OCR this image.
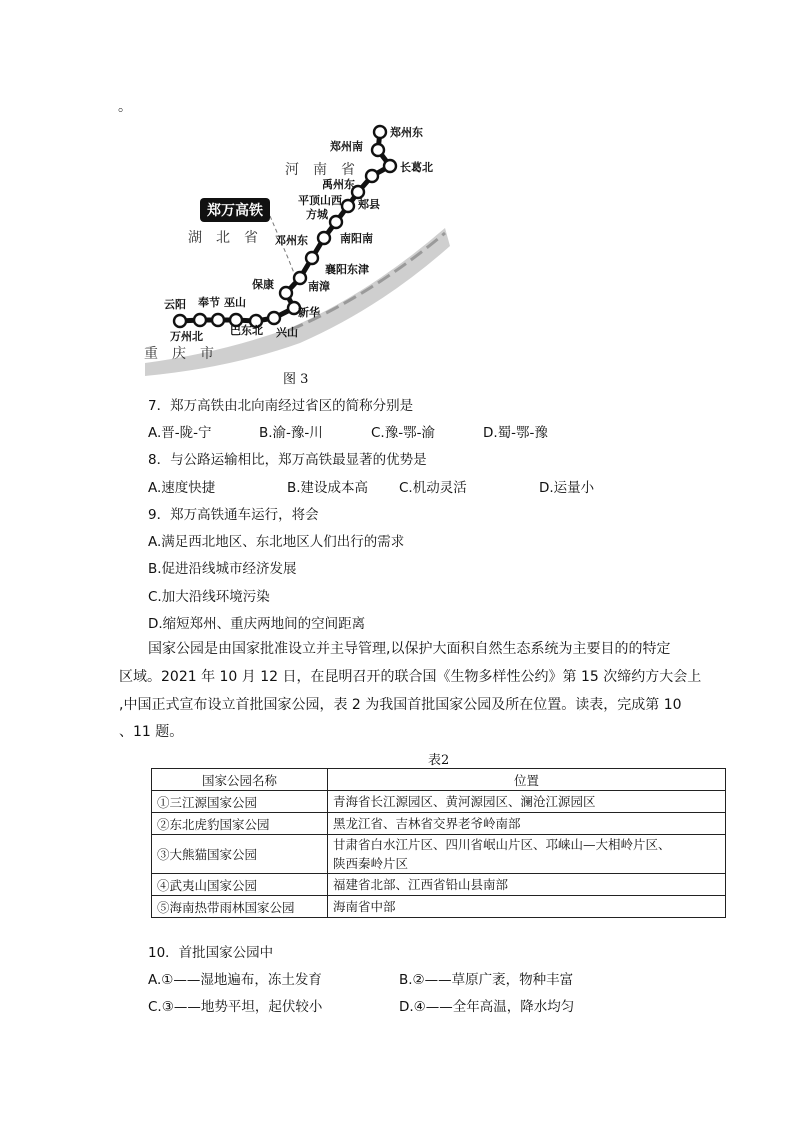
。
郑万高铁
河　南　省
湖　北　省
重　庆　市
郑州东
郑州南
长葛北
禹州东
平顶山西 郏县
方城
邓州东	南阳南
襄阳东津
保康	南漳
新华
兴山
巴东北
奉节 巫山
云阳
万州北
图 3
7．郑万高铁由北向南经过省区的简称分别是
A.晋-陇-宁	B.渝-豫-川	C.豫-鄂-渝	D.蜀-鄂-豫
8．与公路运输相比，郑万高铁最显著的优势是
A.速度快捷	B.建设成本高 C.机动灵活	D.运量小
9．郑万高铁通车运行，将会
A.满足西北地区、东北地区人们出行的需求
B.促进沿线城市经济发展
C.加大沿线环境污染
D.缩短郑州、重庆两地间的空间距离
国家公园是由国家批准设立并主导管理,以保护大面积自然生态系统为主要目的的特定
区域。2021 年 10 月 12 日，在昆明召开的联合国《生物多样性公约》第 15 次缔约方大会上
,中国正式宣布设立首批国家公园，表 2 为我国首批国家公园及所在位置。读表，完成第 10
、11 题。
表2
国家公园名称	位置
①三江源国家公园	青海省长江源园区、黄河源园区、澜沧江源园区
②东北虎豹国家公园	黑龙江省、吉林省交界老爷岭南部
③大熊猫国家公园	甘肃省白水江片区、四川省岷山片区、邛崃山—大相岭片区、
陕西秦岭片区

④武夷山国家公园	福建省北部、江西省铅山县南部
⑤海南热带雨林国家公园	海南省中部
10．首批国家公园中
A.①——湿地遍布，冻土发育	B.②——草原广袤，物种丰富
C.③——地势平坦，起伏较小	D.④——全年高温，降水均匀
